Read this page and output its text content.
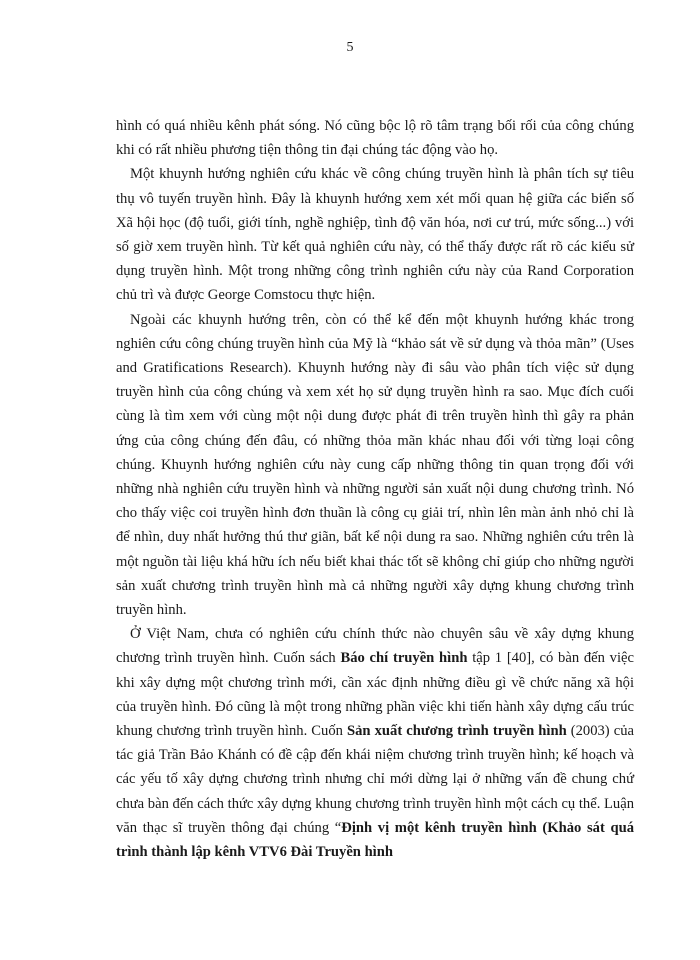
5

hình có quá nhiều kênh phát sóng. Nó cũng bộc lộ rõ tâm trạng bối rối của công chúng khi có rất nhiều phương tiện thông tin đại chúng tác động vào họ.

Một khuynh hướng nghiên cứu khác về công chúng truyền hình là phân tích sự tiêu thụ vô tuyến truyền hình. Đây là khuynh hướng xem xét mối quan hệ giữa các biến số Xã hội học (độ tuổi, giới tính, nghề nghiệp, tình độ văn hóa, nơi cư trú, mức sống...) với số giờ xem truyền hình. Từ kết quả nghiên cứu này, có thể thấy được rất rõ các kiểu sử dụng truyền hình. Một trong những công trình nghiên cứu này của Rand Corporation chủ trì và được George Comstocu thực hiện.

Ngoài các khuynh hướng trên, còn có thể kể đến một khuynh hướng khác trong nghiên cứu công chúng truyền hình của Mỹ là “khảo sát về sử dụng và thỏa mãn” (Uses and Gratifications Research). Khuynh hướng này đi sâu vào phân tích việc sử dụng truyền hình của công chúng và xem xét họ sử dụng truyền hình ra sao. Mục đích cuối cùng là tìm xem với cùng một nội dung được phát đi trên truyền hình thì gây ra phản ứng của công chúng đến đâu, có những thỏa mãn khác nhau đối với từng loại công chúng. Khuynh hướng nghiên cứu này cung cấp những thông tin quan trọng đối với những nhà nghiên cứu truyền hình và những người sản xuất nội dung chương trình. Nó cho thấy việc coi truyền hình đơn thuần là công cụ giải trí, nhìn lên màn ảnh nhỏ chỉ là để nhìn, duy nhất hưởng thú thư giãn, bất kể nội dung ra sao. Những nghiên cứu trên là một nguồn tài liệu khá hữu ích nếu biết khai thác tốt sẽ không chỉ giúp cho những người sản xuất chương trình truyền hình mà cả những người xây dựng khung chương trình truyền hình.

Ở Việt Nam, chưa có nghiên cứu chính thức nào chuyên sâu về xây dựng khung chương trình truyền hình. Cuốn sách Báo chí truyền hình tập 1 [40], có bàn đến việc khi xây dựng một chương trình mới, cần xác định những điều gì về chức năng xã hội của truyền hình. Đó cũng là một trong những phần việc khi tiến hành xây dựng cấu trúc khung chương trình truyền hình. Cuốn Sản xuất chương trình truyền hình (2003) của tác giả Trần Bảo Khánh có đề cập đến khái niệm chương trình truyền hình; kế hoạch và các yếu tố xây dựng chương trình nhưng chỉ mới dừng lại ở những vấn đề chung chứ chưa bàn đến cách thức xây dựng khung chương trình truyền hình một cách cụ thể. Luận văn thạc sĩ truyền thông đại chúng “Định vị một kênh truyền hình (Khảo sát quá trình thành lập kênh VTV6 Đài Truyền hình
